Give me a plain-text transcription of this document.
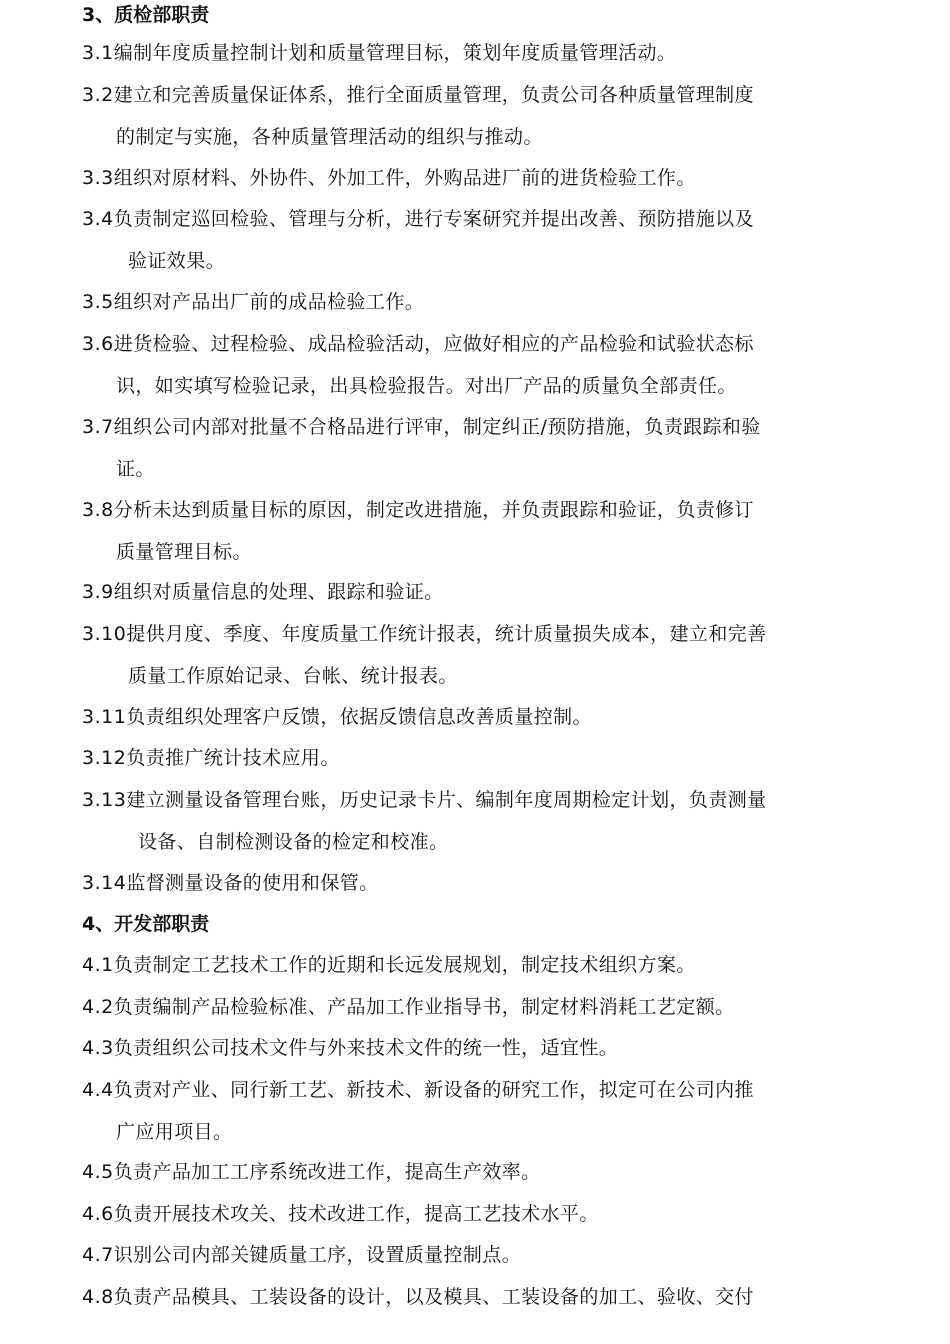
3、质检部职责
3.1编制年度质量控制计划和质量管理目标，策划年度质量管理活动。
3.2建立和完善质量保证体系，推行全面质量管理，负责公司各种质量管理制度
的制定与实施，各种质量管理活动的组织与推动。
3.3组织对原材料、外协件、外加工件，外购品进厂前的进货检验工作。
3.4负责制定巡回检验、管理与分析，进行专案研究并提出改善、预防措施以及
验证效果。
3.5组织对产品出厂前的成品检验工作。
3.6进货检验、过程检验、成品检验活动，应做好相应的产品检验和试验状态标
识，如实填写检验记录，出具检验报告。对出厂产品的质量负全部责任。
3.7组织公司内部对批量不合格品进行评审，制定纠正/预防措施，负责跟踪和验
证。
3.8分析未达到质量目标的原因，制定改进措施，并负责跟踪和验证，负责修订
质量管理目标。
3.9组织对质量信息的处理、跟踪和验证。
3.10提供月度、季度、年度质量工作统计报表，统计质量损失成本，建立和完善
质量工作原始记录、台帐、统计报表。
3.11负责组织处理客户反馈，依据反馈信息改善质量控制。
3.12负责推广统计技术应用。
3.13建立测量设备管理台账，历史记录卡片、编制年度周期检定计划，负责测量
设备、自制检测设备的检定和校准。
3.14监督测量设备的使用和保管。
4、开发部职责
4.1负责制定工艺技术工作的近期和长远发展规划，制定技术组织方案。
4.2负责编制产品检验标准、产品加工作业指导书，制定材料消耗工艺定额。
4.3负责组织公司技术文件与外来技术文件的统一性，适宜性。
4.4负责对产业、同行新工艺、新技术、新设备的研究工作，拟定可在公司内推
广应用项目。
4.5负责产品加工工序系统改进工作，提高生产效率。
4.6负责开展技术攻关、技术改进工作，提高工艺技术水平。
4.7识别公司内部关键质量工序，设置质量控制点。
4.8负责产品模具、工装设备的设计，以及模具、工装设备的加工、验收、交付
